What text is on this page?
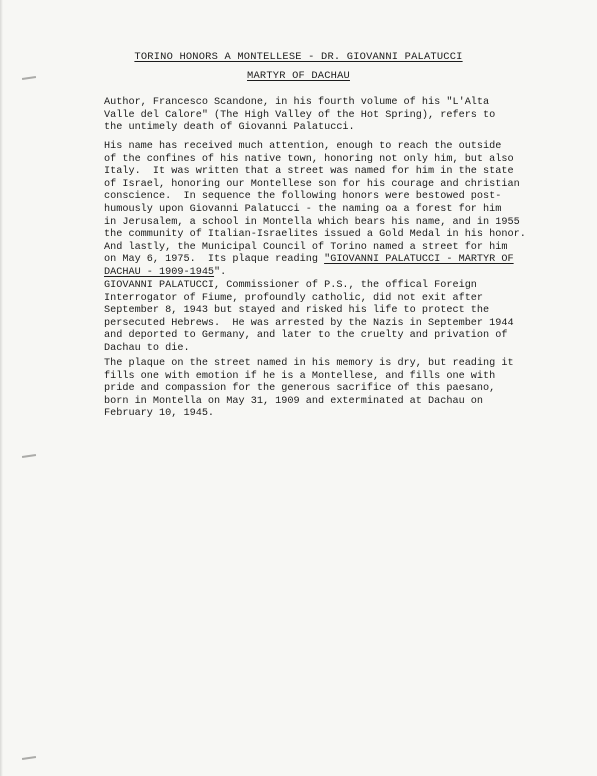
TORINO HONORS A MONTELLESE - DR. GIOVANNI PALATUCCI
MARTYR OF DACHAU
Author, Francesco Scandone, in his fourth volume of his "L'Alta
Valle del Calore" (The High Valley of the Hot Spring), refers to
the untimely death of Giovanni Palatucci.
His name has received much attention, enough to reach the outside
of the confines of his native town, honoring not only him, but also
Italy.  It was written that a street was named for him in the state
of Israel, honoring our Montellese son for his courage and christian
conscience.  In sequence the following honors were bestowed post-
humously upon Giovanni Palatucci - the naming oa a forest for him
in Jerusalem, a school in Montella which bears his name, and in 1955
the community of Italian-Israelites issued a Gold Medal in his honor.
And lastly, the Municipal Council of Torino named a street for him
on May 6, 1975.  Its plaque reading "GIOVANNI PALATUCCI - MARTYR OF
DACHAU - 1909-1945".
GIOVANNI PALATUCCI, Commissioner of P.S., the offical Foreign
Interrogator of Fiume, profoundly catholic, did not exit after
September 8, 1943 but stayed and risked his life to protect the
persecuted Hebrews.  He was arrested by the Nazis in September 1944
and deported to Germany, and later to the cruelty and privation of
Dachau to die.
The plaque on the street named in his memory is dry, but reading it
fills one with emotion if he is a Montellese, and fills one with
pride and compassion for the generous sacrifice of this paesano,
born in Montella on May 31, 1909 and exterminated at Dachau on
February 10, 1945.
